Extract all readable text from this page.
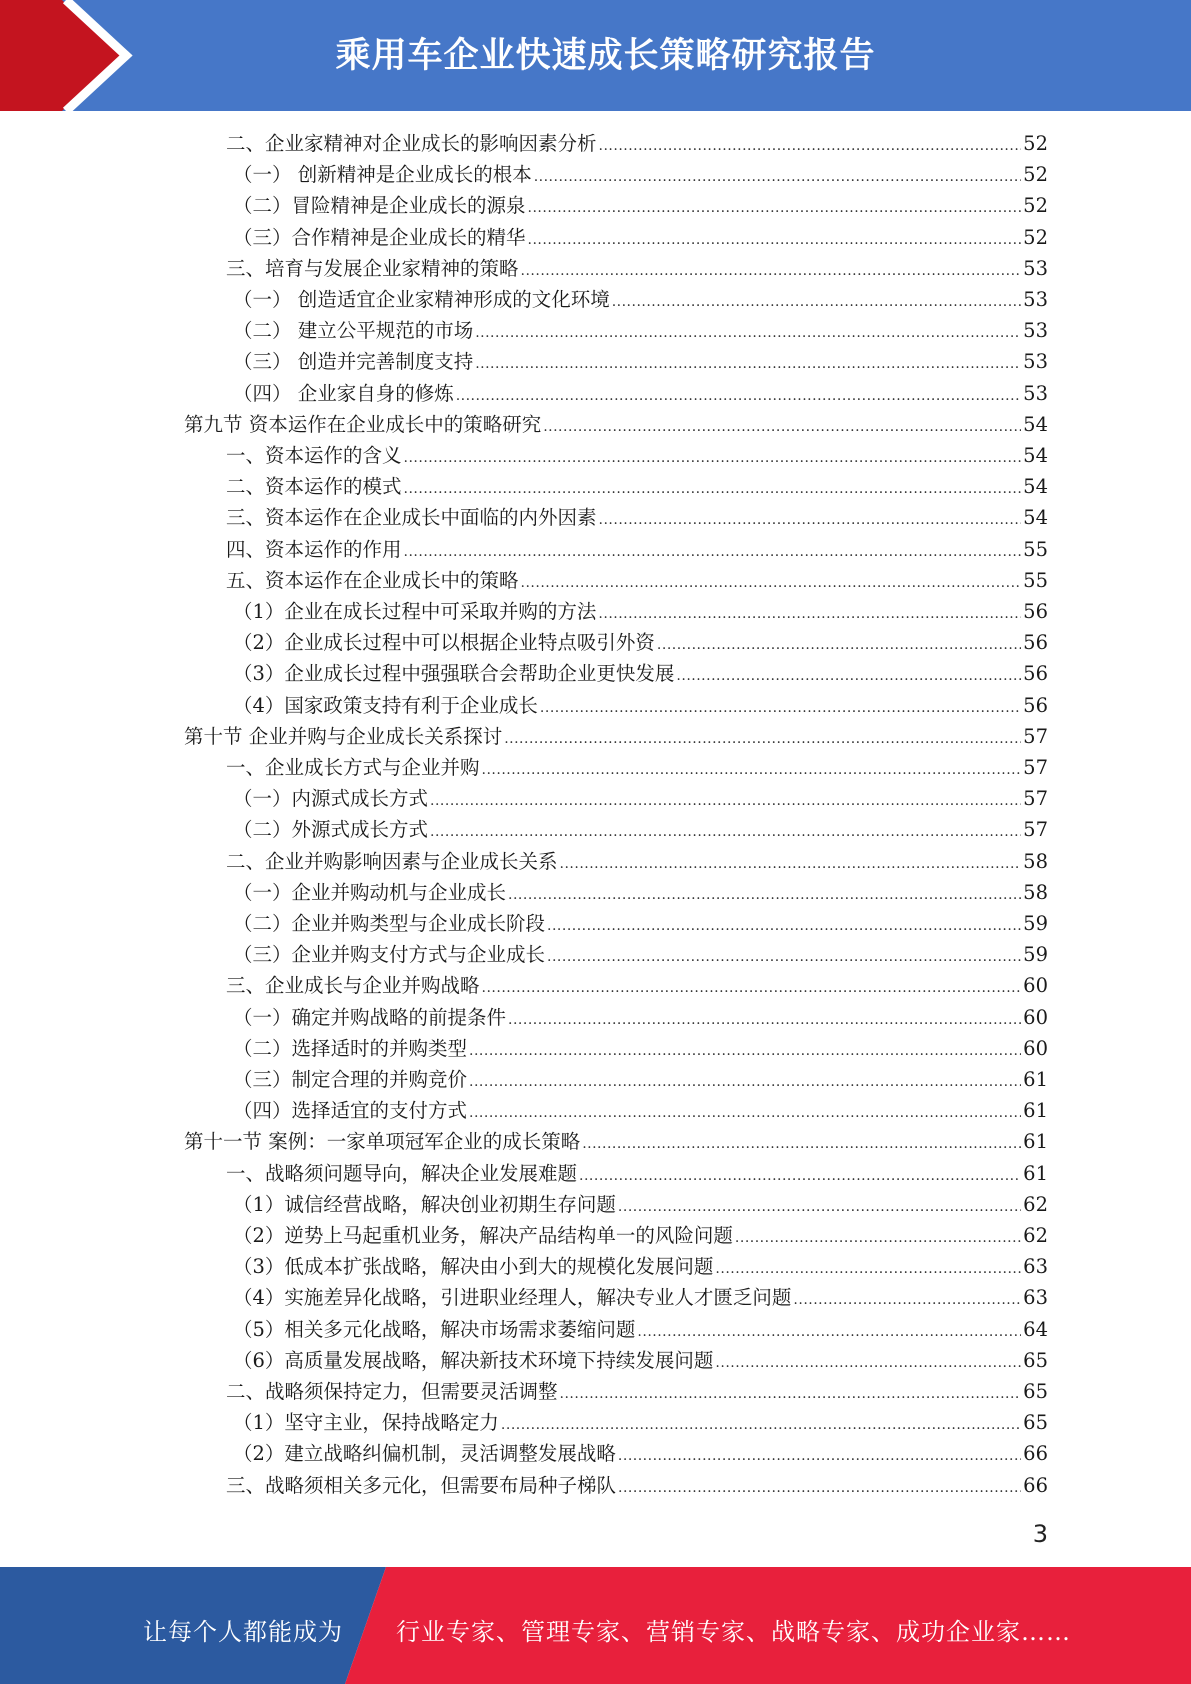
乘用车企业快速成长策略研究报告
二、企业家精神对企业成长的影响因素分析 .....	52
（一） 创新精神是企业成长的根本 .....	52
（二）冒险精神是企业成长的源泉 .....	52
（三）合作精神是企业成长的精华 .....	52
三、培育与发展企业家精神的策略 .....	53
（一） 创造适宜企业家精神形成的文化环境 .....	53
（二） 建立公平规范的市场 .....	53
（三） 创造并完善制度支持 .....	53
（四） 企业家自身的修炼 .....	53
第九节 资本运作在企业成长中的策略研究 .....	54
一、资本运作的含义 .....	54
二、资本运作的模式 .....	54
三、资本运作在企业成长中面临的内外因素 .....	54
四、资本运作的作用 .....	55
五、资本运作在企业成长中的策略 .....	55
（1）企业在成长过程中可采取并购的方法 .....	56
（2）企业成长过程中可以根据企业特点吸引外资 .....	56
（3）企业成长过程中强强联合会帮助企业更快发展 .....	56
（4）国家政策支持有利于企业成长 .....	56
第十节 企业并购与企业成长关系探讨 .....	57
一、企业成长方式与企业并购 .....	57
（一）内源式成长方式 .....	57
（二）外源式成长方式 .....	57
二、企业并购影响因素与企业成长关系 .....	58
（一）企业并购动机与企业成长 .....	58
（二）企业并购类型与企业成长阶段 .....	59
（三）企业并购支付方式与企业成长 .....	59
三、企业成长与企业并购战略 .....	60
（一）确定并购战略的前提条件 .....	60
（二）选择适时的并购类型 .....	60
（三）制定合理的并购竞价 .....	61
（四）选择适宜的支付方式 .....	61
第十一节 案例：一家单项冠军企业的成长策略 .....	61
一、战略须问题导向，解决企业发展难题 .....	61
（1）诚信经营战略，解决创业初期生存问题 .....	62
（2）逆势上马起重机业务，解决产品结构单一的风险问题 .....	62
（3）低成本扩张战略，解决由小到大的规模化发展问题 .....	63
（4）实施差异化战略，引进职业经理人，解决专业人才匮乏问题 .....	63
（5）相关多元化战略，解决市场需求萎缩问题 .....	64
（6）高质量发展战略，解决新技术环境下持续发展问题 .....	65
二、战略须保持定力，但需要灵活调整 .....	65
（1）坚守主业，保持战略定力 .....	65
（2）建立战略纠偏机制，灵活调整发展战略 .....	66
三、战略须相关多元化，但需要布局种子梯队 .....	66
3
让每个人都能成为 行业专家、管理专家、营销专家、战略专家、成功企业家……
